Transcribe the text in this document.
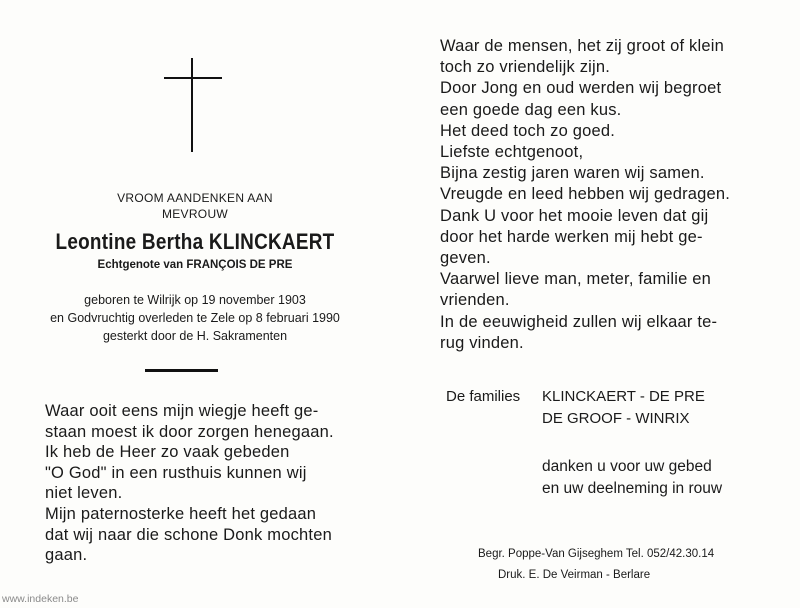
VROOM AANDENKEN AAN
MEVROUW
Leontine Bertha KLINCKAERT
Echtgenote van FRANÇOIS DE PRE
geboren te Wilrijk op 19 november 1903
en Godvruchtig overleden te Zele op 8 februari 1990
gesterkt door de H. Sakramenten
Waar ooit eens mijn wiegje heeft ge-
staan moest ik door zorgen henegaan.
Ik heb de Heer zo vaak gebeden
"O God" in een rusthuis kunnen wij
niet leven.
Mijn paternosterke heeft het gedaan
dat wij naar die schone Donk mochten
gaan.
www.indeken.be
Waar de mensen, het zij groot of klein
toch zo vriendelijk zijn.
Door Jong en oud werden wij begroet
een goede dag een kus.
Het deed toch zo goed.
Liefste echtgenoot,
Bijna zestig jaren waren wij samen.
Vreugde en leed hebben wij gedragen.
Dank U voor het mooie leven dat gij
door het harde werken mij hebt ge-
geven.
Vaarwel lieve man, meter, familie en
vrienden.
In de eeuwigheid zullen wij elkaar te-
rug vinden.
De families KLINCKAERT - DE PRE
DE GROOF - WINRIX
danken u voor uw gebed
en uw deelneming in rouw
Begr. Poppe-Van Gijseghem Tel. 052/42.30.14
Druk. E. De Veirman - Berlare
